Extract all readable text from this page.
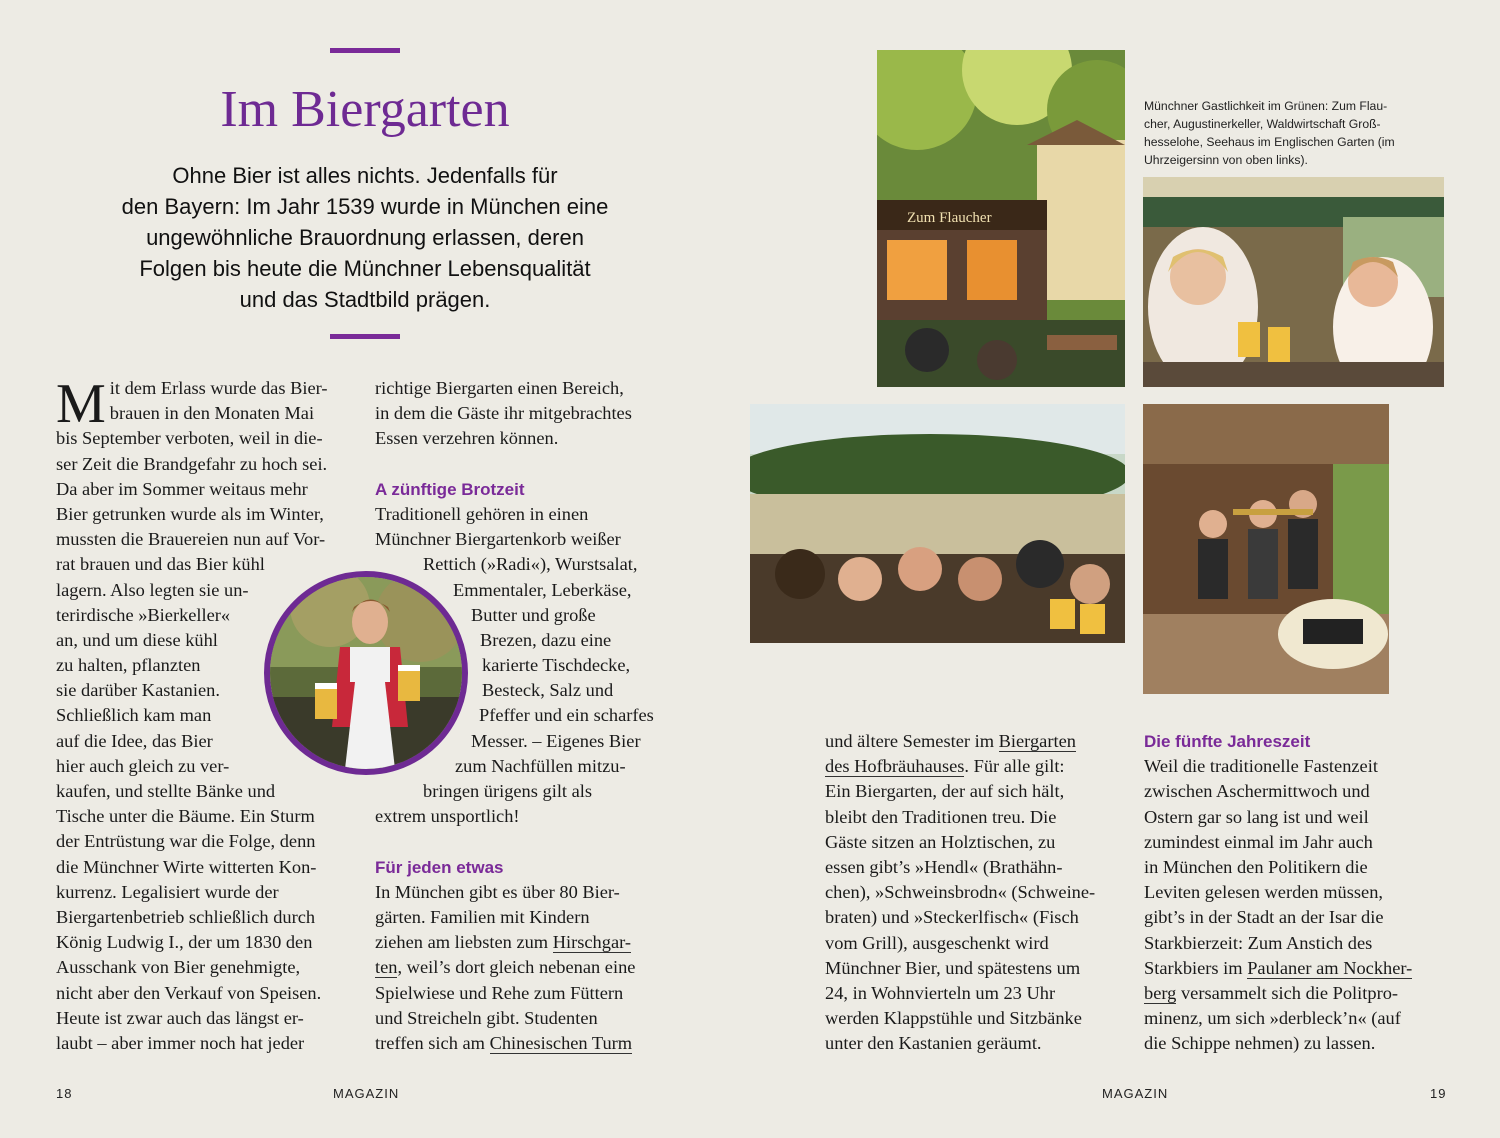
Im Biergarten
Ohne Bier ist alles nichts. Jedenfalls für
den Bayern: Im Jahr 1539 wurde in München eine
ungewöhnliche Brauordnung erlassen, deren
Folgen bis heute die Münchner Lebensqualität
und das Stadtbild prägen.
M it dem Erlass wurde das Bier-
brauen in den Monaten Mai
bis September verboten, weil in die-
ser Zeit die Brandgefahr zu hoch sei.
Da aber im Sommer weitaus mehr
Bier getrunken wurde als im Winter,
mussten die Brauereien nun auf Vor-
rat brauen und das Bier kühl
lagern. Also legten sie un-
terirdische »Bierkeller«
an, und um diese kühl
zu halten, pflanzten
sie darüber Kastanien.
Schließlich kam man
auf die Idee, das Bier
hier auch gleich zu ver-
kaufen, und stellte Bänke und
Tische unter die Bäume. Ein Sturm
der Entrüstung war die Folge, denn
die Münchner Wirte witterten Kon-
kurrenz. Legalisiert wurde der
Biergartenbetrieb schließlich durch
König Ludwig I., der um 1830 den
Ausschank von Bier genehmigte,
nicht aber den Verkauf von Speisen.
Heute ist zwar auch das längst er-
laubt – aber immer noch hat jeder
richtige Biergarten einen Bereich,
in dem die Gäste ihr mitgebrachtes
Essen verzehren können.
A zünftige Brotzeit
Traditionell gehören in einen
Münchner Biergartenkorb weißer
Rettich (»Radi«), Wurstsalat,
Emmentaler, Leberkäse,
Butter und große
Brezen, dazu eine
karierte Tischdecke,
Besteck, Salz und
Pfeffer und ein scharfes
Messer. – Eigenes Bier
zum Nachfüllen mitzu-
bringen ürigens gilt als
extrem unsportlich!
Für jeden etwas
In München gibt es über 80 Bier-
gärten. Familien mit Kindern
ziehen am liebsten zum Hirschgar-
ten, weil’s dort gleich nebenan eine
Spielwiese und Rehe zum Füttern
und Streicheln gibt. Studenten
treffen sich am Chinesischen Turm
18	MAGAZIN
Zum Flaucher
Münchner Gastlichkeit im Grünen: Zum Flau-
cher, Augustinerkeller, Waldwirtschaft Groß-
hesselohe, Seehaus im Englischen Garten (im
Uhrzeigersinn von oben links).
und ältere Semester im Biergarten
des Hofbräuhauses. Für alle gilt:
Ein Biergarten, der auf sich hält,
bleibt den Traditionen treu. Die
Gäste sitzen an Holztischen, zu
essen gibt’s »Hendl« (Brathähn-
chen), »Schweinsbrodn« (Schweine-
braten) und »Steckerlfisch« (Fisch
vom Grill), ausgeschenkt wird
Münchner Bier, und spätestens um
24, in Wohnvierteln um 23 Uhr
werden Klappstühle und Sitzbänke
unter den Kastanien geräumt.
Die fünfte Jahreszeit
Weil die traditionelle Fastenzeit
zwischen Aschermittwoch und
Ostern gar so lang ist und weil
zumindest einmal im Jahr auch
in München den Politikern die
Leviten gelesen werden müssen,
gibt’s in der Stadt an der Isar die
Starkbierzeit: Zum Anstich des
Starkbiers im Paulaner am Nockher-
berg versammelt sich die Politpro-
minenz, um sich »derbleck’n« (auf
die Schippe nehmen) zu lassen.
MAGAZIN	19
